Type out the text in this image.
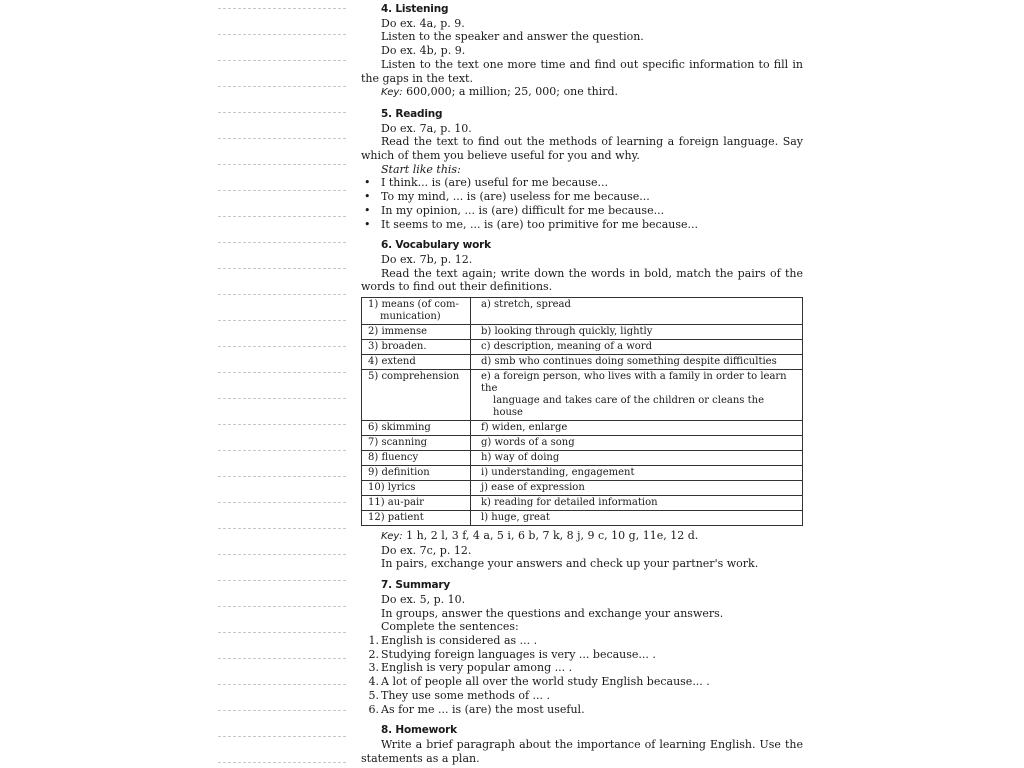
4. Listening

Do ex. 4a, p. 9.

Listen to the speaker and answer the question.

Do ex. 4b, p. 9.

Listen to the text one more time and find out specific information to fill in the gaps in the text.

Key: 600,000; a million; 25, 000; one third.

5. Reading

Do ex. 7a, p. 10.

Read the text to find out the methods of learning a foreign language. Say which of them you believe useful for you and why.

Start like this:

• I think... is (are) useful for me because...
• To my mind, ... is (are) useless for me because...
• In my opinion, ... is (are) difficult for me because...
• It seems to me, ... is (are) too primitive for me because...
6. Vocabulary work

Do ex. 7b, p. 12.

Read the text again; write down the words in bold, match the pairs of the words to find out their definitions.

1) means (of com-
munication)	a) stretch, spread
2) immense	b) looking through quickly, lightly
3) broaden.	c) description, meaning of a word
4) extend	d) smb who continues doing something despite difficulties
5) comprehension	e) a foreign person, who lives with a family in order to learn the
language and takes care of the children or cleans the house

6) skimming	f) widen, enlarge
7) scanning	g) words of a song
8) fluency	h) way of doing
9) definition	i) understanding, engagement
10) lyrics	j) ease of expression
11) au-pair	k) reading for detailed information
12) patient	l) huge, great

Key: 1 h, 2 l, 3 f, 4 a, 5 i, 6 b, 7 k, 8 j, 9 c, 10 g, 11e, 12 d.

Do ex. 7c, p. 12.

In pairs, exchange your answers and check up your partner's work.

7. Summary

Do ex. 5, p. 10.

In groups, answer the questions and exchange your answers.

Complete the sentences:

1. English is considered as ... .
2. Studying foreign languages is very ... because... .
3. English is very popular among ... .
4. A lot of people all over the world study English because... .
5. They use some methods of ... .
6. As for me ... is (are) the most useful.
8. Homework

Write a brief paragraph about the importance of learning English. Use the statements as a plan.
